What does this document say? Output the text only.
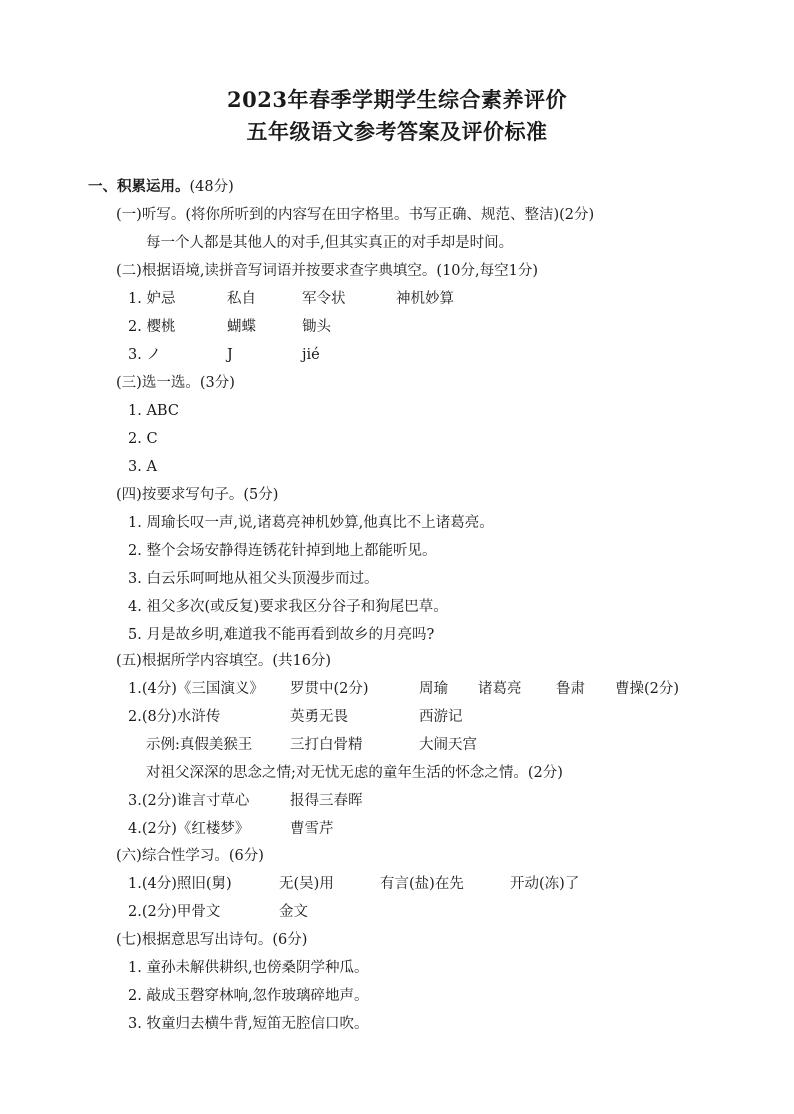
2023年春季学期学生综合素养评价
五年级语文参考答案及评价标准
一、积累运用。(48分)
(一)听写。(将你所听到的内容写在田字格里。书写正确、规范、整洁)(2分)
每一个人都是其他人的对手,但其实真正的对手却是时间。
(二)根据语境,读拼音写词语并按要求查字典填空。(10分,每空1分)
1. 妒忌	私自	军令状	神机妙算
2. 樱桃	蝴蝶	锄头
3. ノ	J	jié
(三)选一选。(3分)
1. ABC
2. C
3. A
(四)按要求写句子。(5分)
1. 周瑜长叹一声,说,诸葛亮神机妙算,他真比不上诸葛亮。
2. 整个会场安静得连锈花针掉到地上都能听见。
3. 白云乐呵呵地从祖父头顶漫步而过。
4. 祖父多次(或反复)要求我区分谷子和狗尾巴草。
5. 月是故乡明,难道我不能再看到故乡的月亮吗?
(五)根据所学内容填空。(共16分)
1.(4分)《三国演义》 罗贯中(2分)	周瑜 诸葛亮 鲁肃 曹操(2分)
2.(8分)水浒传	英勇无畏	西游记
示例:真假美猴王	三打白骨精	大闹天宫
对祖父深深的思念之情;对无忧无虑的童年生活的怀念之情。(2分)
3.(2分)谁言寸草心	报得三春晖
4.(2分)《红楼梦》	曹雪芹
(六)综合性学习。(6分)
1.(4分)照旧(舅)	无(吴)用	有言(盐)在先	开动(冻)了
2.(2分)甲骨文	金文
(七)根据意思写出诗句。(6分)
1. 童孙未解供耕织,也傍桑阴学种瓜。
2. 敲成玉磬穿林响,忽作玻璃碎地声。
3. 牧童归去横牛背,短笛无腔信口吹。
